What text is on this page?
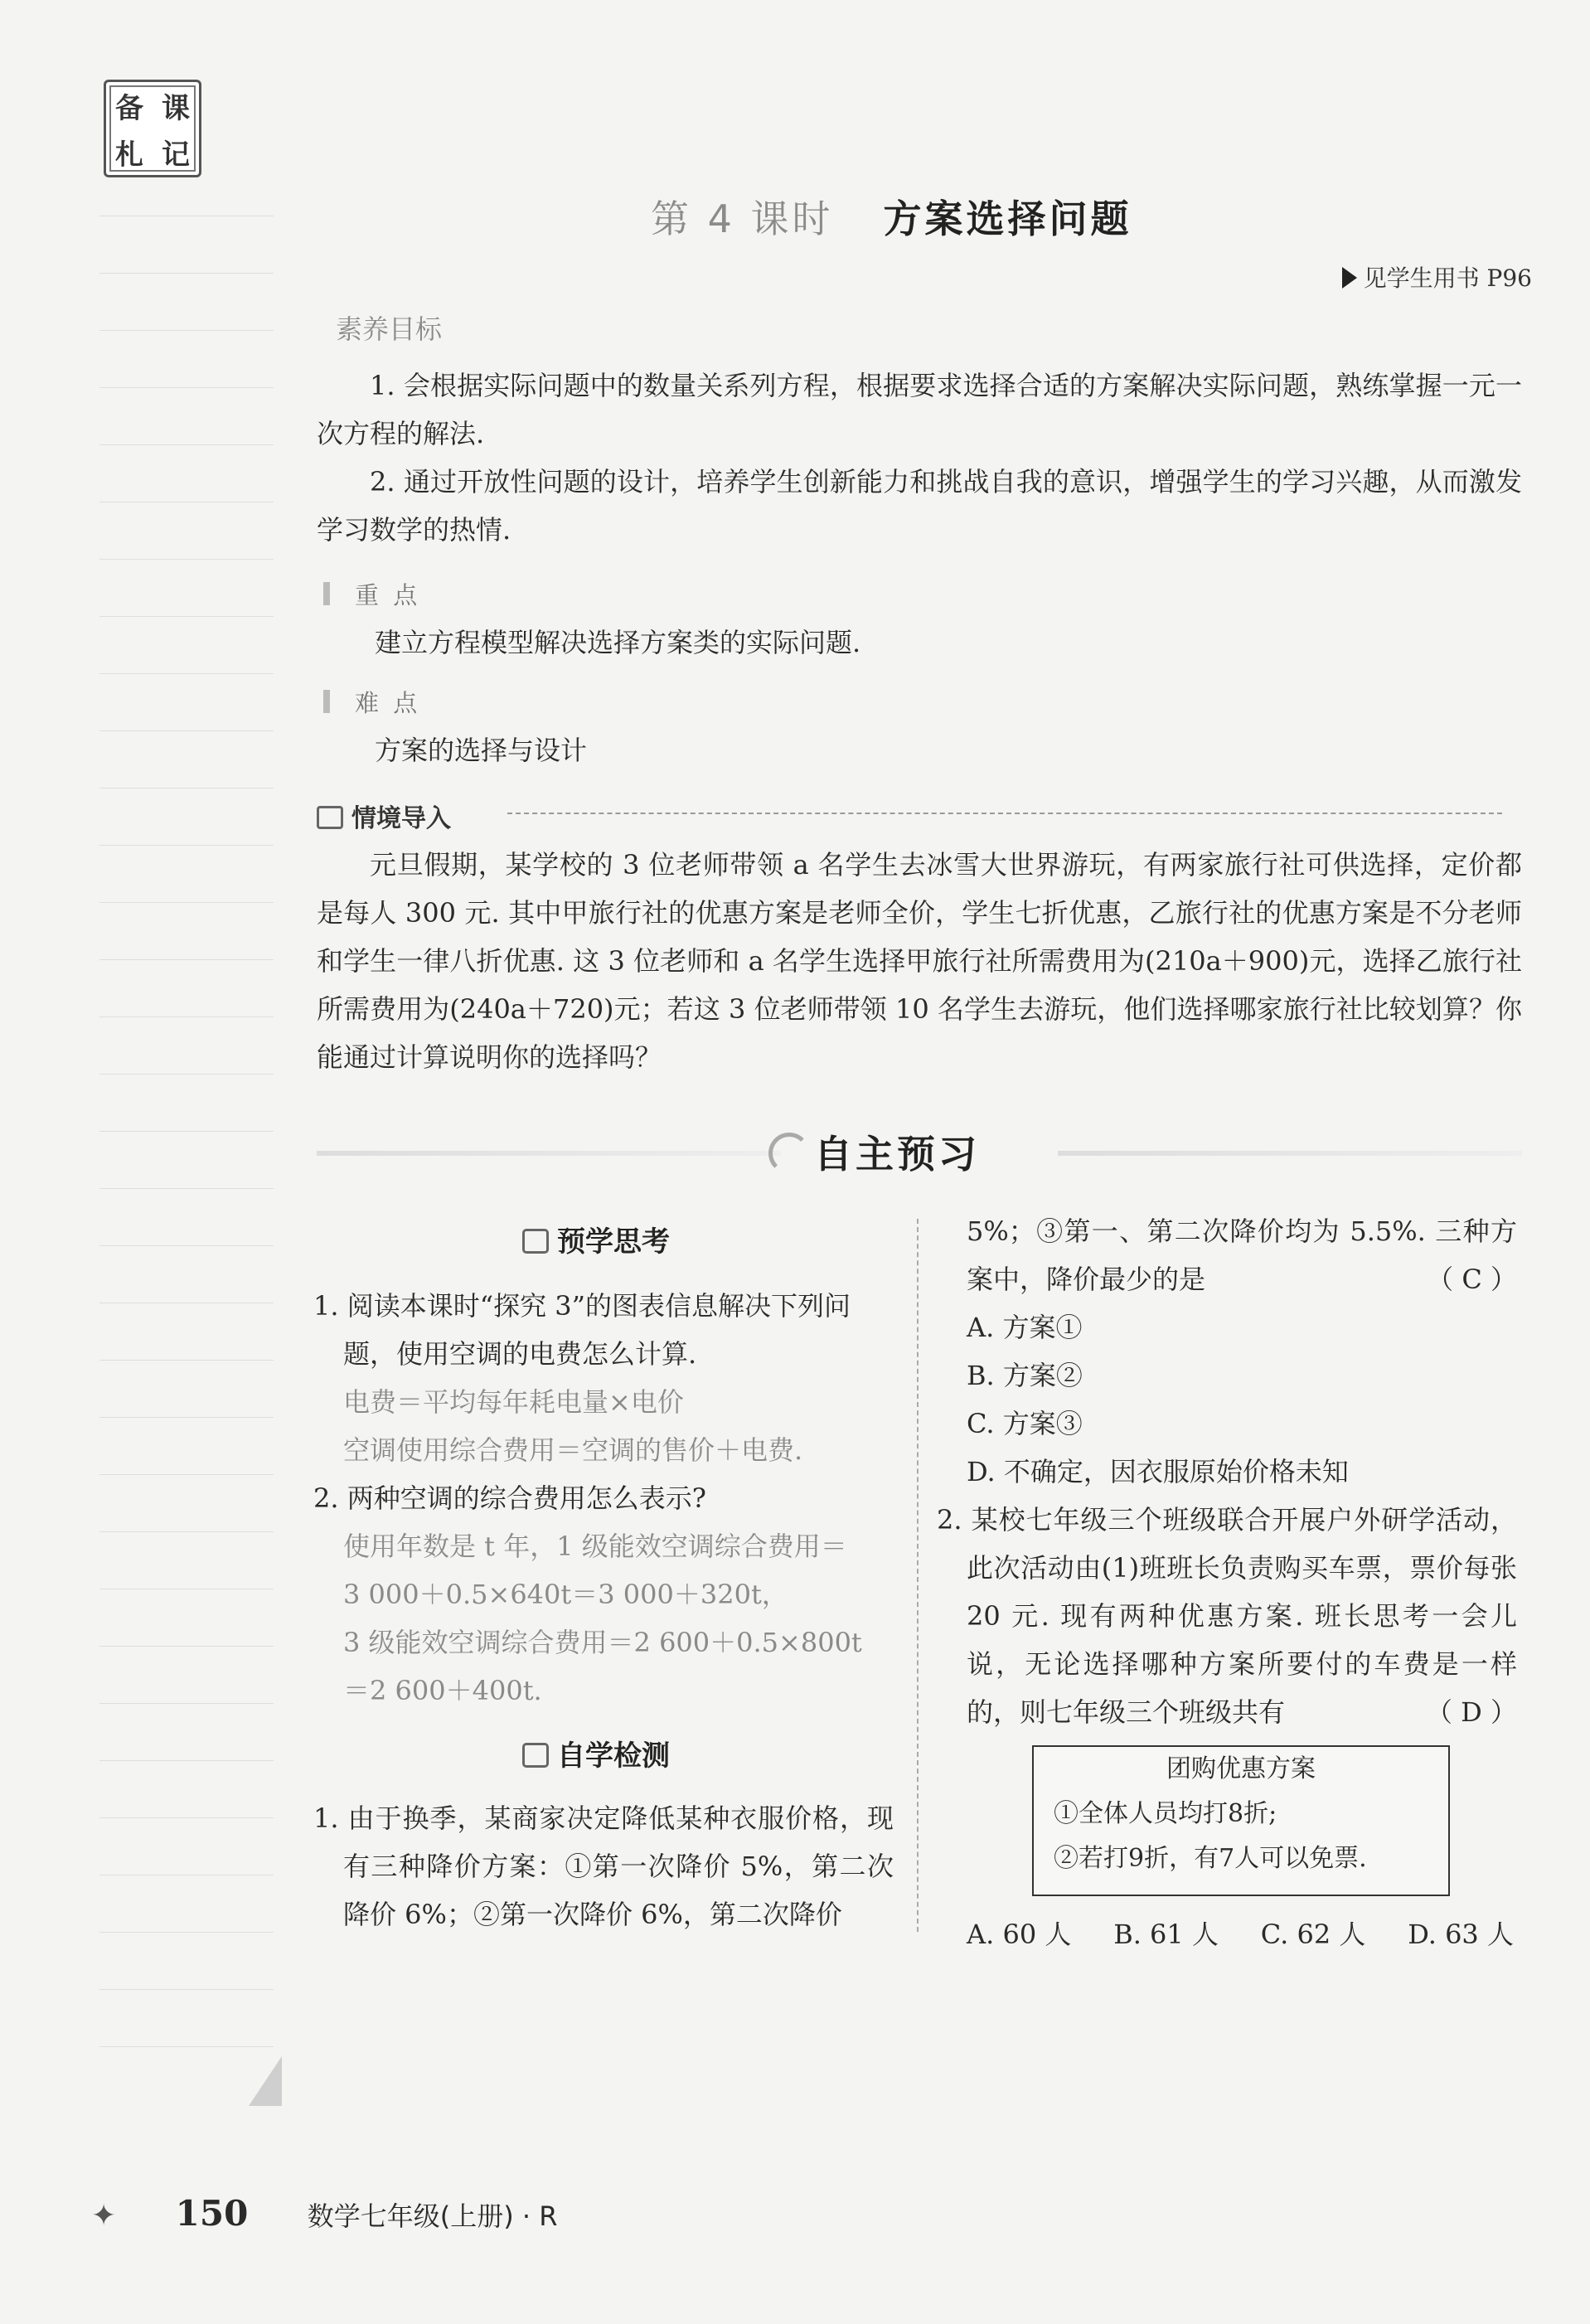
备 课
札 记
第 4 课时 方案选择问题
见学生用书 P96
素养目标
1. 会根据实际问题中的数量关系列方程，根据要求选择合适的方案解决实际问题，熟练掌握一元一次方程的解法.
2. 通过开放性问题的设计，培养学生创新能力和挑战自我的意识，增强学生的学习兴趣，从而激发学习数学的热情.
重 点
建立方程模型解决选择方案类的实际问题.
难 点
方案的选择与设计
情境导入
元旦假期，某学校的 3 位老师带领 a 名学生去冰雪大世界游玩，有两家旅行社可供选择，定价都是每人 300 元. 其中甲旅行社的优惠方案是老师全价，学生七折优惠，乙旅行社的优惠方案是不分老师和学生一律八折优惠. 这 3 位老师和 a 名学生选择甲旅行社所需费用为(210a＋900)元，选择乙旅行社所需费用为(240a＋720)元；若这 3 位老师带领 10 名学生去游玩，他们选择哪家旅行社比较划算？你能通过计算说明你的选择吗？
自主预习
预学思考
1. 阅读本课时“探究 3”的图表信息解决下列问题，使用空调的电费怎么计算.
电费＝平均每年耗电量×电价
空调使用综合费用＝空调的售价＋电费.
2. 两种空调的综合费用怎么表示?
使用年数是 t 年，1 级能效空调综合费用＝
3 000＋0.5×640t＝3 000＋320t，
3 级能效空调综合费用＝2 600＋0.5×800t
＝2 600＋400t.
自学检测
1. 由于换季，某商家决定降低某种衣服价格，现有三种降价方案：①第一次降价 5%，第二次降价 6%；②第一次降价 6%，第二次降价
5%；③第一、第二次降价均为 5.5%. 三种方案中，降价最少的是	（ C ）
A. 方案①
B. 方案②
C. 方案③
D. 不确定，因衣服原始价格未知
2. 某校七年级三个班级联合开展户外研学活动，此次活动由(1)班班长负责购买车票，票价每张 20 元. 现有两种优惠方案. 班长思考一会儿说，无论选择哪种方案所要付的车费是一样的，则七年级三个班级共有	（ D ）
团购优惠方案
①全体人员均打8折;
②若打9折，有7人可以免票.
A. 60 人 B. 61 人 C. 62 人 D. 63 人
✦ 150 数学七年级(上册) · R
